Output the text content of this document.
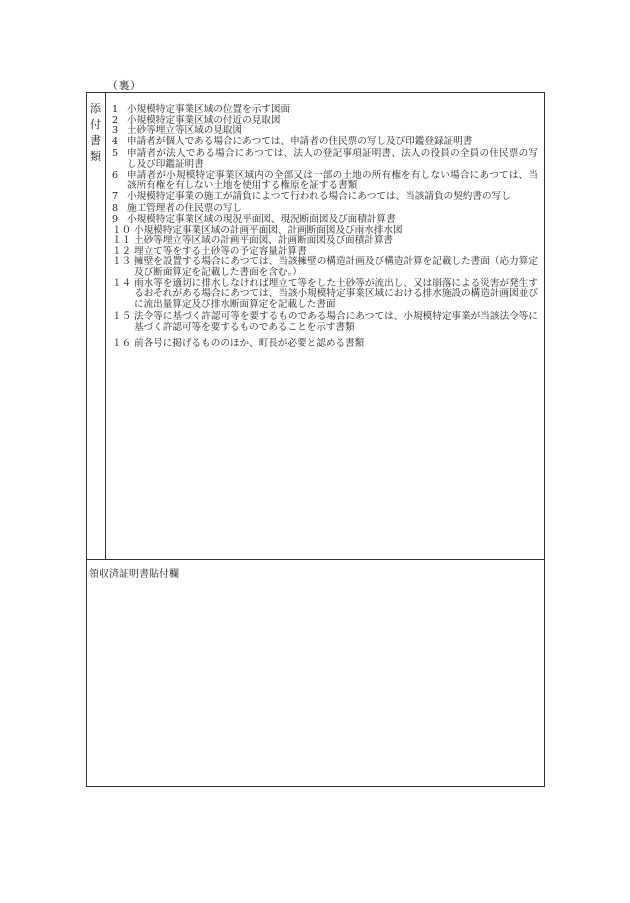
（裏）
添
付
書
類
1 小規模特定事業区域の位置を示す図面
2 小規模特定事業区域の付近の見取図
3 土砂等埋立等区域の見取図
4 申請者が個人である場合にあつては、申請者の住民票の写し及び印鑑登録証明書
5 申請者が法人である場合にあつては、法人の登記事項証明書、法人の役員の全員の住民票の写し及び印鑑証明書
6 申請者が小規模特定事業区域内の全部又は一部の土地の所有権を有しない場合にあつては、当該所有権を有しない土地を使用する権原を証する書類
7 小規模特定事業の施工が請負によつて行われる場合にあつては、当該請負の契約書の写し
8 施工管理者の住民票の写し
9 小規模特定事業区域の現況平面図、現況断面図及び面積計算書
１０ 小規模特定事業区域の計画平面図、計画断面図及び雨水排水図
１１ 土砂等埋立等区域の計画平面図、計画断面図及び面積計算書
１２ 埋立て等をする土砂等の予定容量計算書
１３ 擁壁を設置する場合にあつては、当該擁壁の構造計画及び構造計算を記載した書面（応力算定及び断面算定を記載した書面を含む。）
１４ 雨水等を適切に排水しなければ埋立て等をした土砂等が流出し、又は崩落による災害が発生するおそれがある場合にあつては、当該小規模特定事業区域における排水施設の構造計画図並びに流出量算定及び排水断面算定を記載した書面
１５ 法令等に基づく許認可等を要するものである場合にあつては、小規模特定事業が当該法令等に基づく許認可等を要するものであることを示す書類
１６ 前各号に掲げるもののほか、町長が必要と認める書類
領収済証明書貼付欄
